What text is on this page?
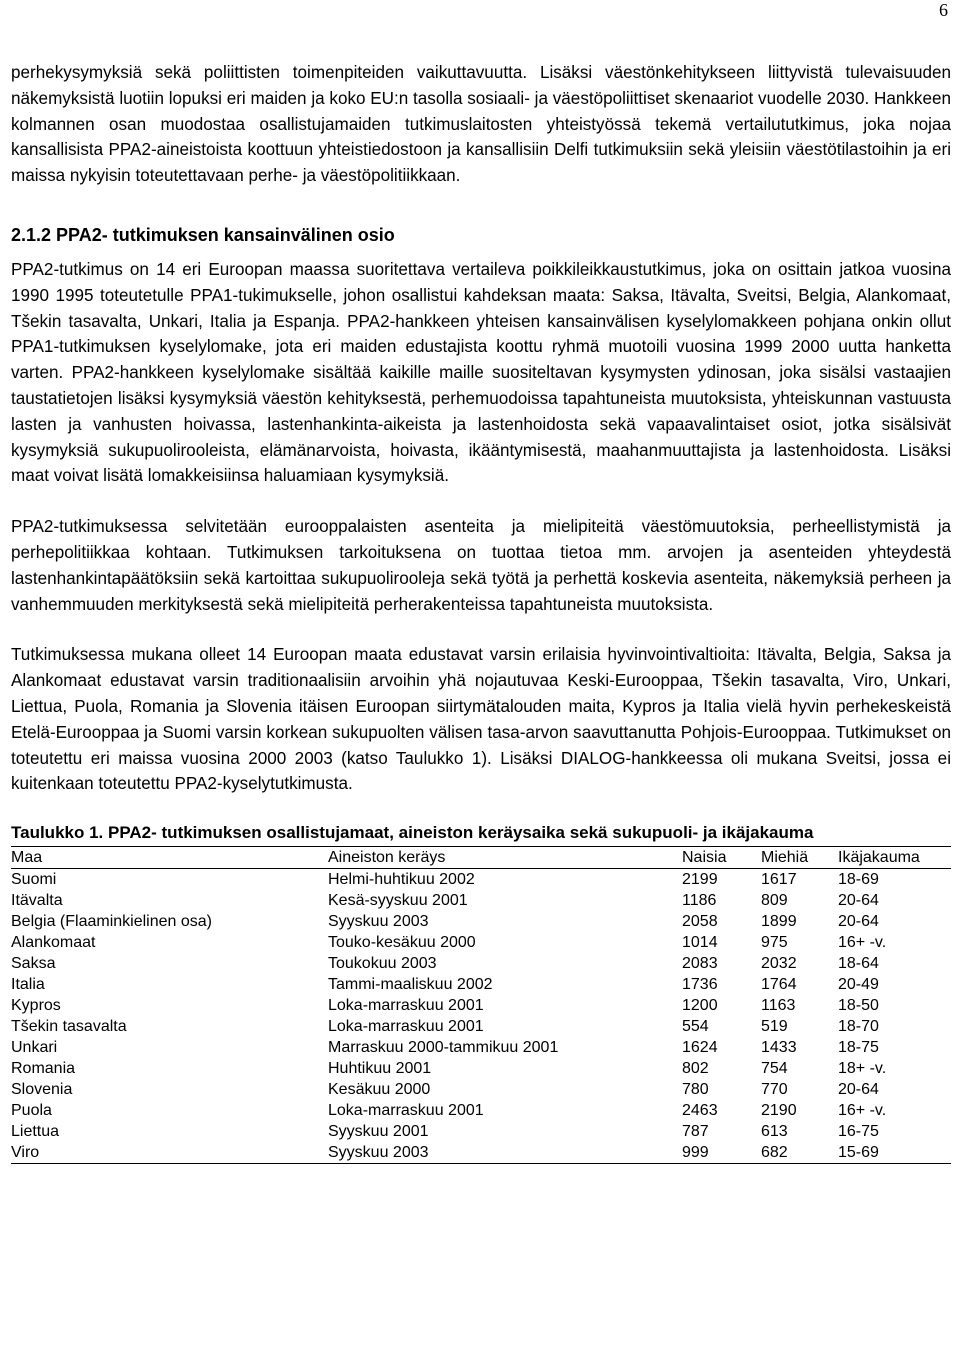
6

perhekysymyksiä sekä poliittisten toimenpiteiden vaikuttavuutta. Lisäksi väestönkehitykseen liittyvistä tulevaisuuden näkemyksistä luotiin lopuksi eri maiden ja koko EU:n tasolla sosiaali- ja väestöpoliittiset skenaariot vuodelle 2030. Hankkeen kolmannen osan muodostaa osallistujamaiden tutkimuslaitosten yhteistyössä tekemä vertailututkimus, joka nojaa kansallisista PPA2-aineistoista koottuun yhteistiedostoon ja kansallisiin Delfi tutkimuksiin sekä yleisiin väestötilastoihin ja eri maissa nykyisin toteutettavaan perhe- ja väestöpolitiikkaan.

2.1.2 PPA2- tutkimuksen kansainvälinen osio

PPA2-tutkimus on 14 eri Euroopan maassa suoritettava vertaileva poikkileikkaustutkimus, joka on osittain jatkoa vuosina 1990 1995 toteutetulle PPA1-tukimukselle, johon osallistui kahdeksan maata: Saksa, Itävalta, Sveitsi, Belgia, Alankomaat, Tšekin tasavalta, Unkari, Italia ja Espanja. PPA2-hankkeen yhteisen kansainvälisen kyselylomakkeen pohjana onkin ollut PPA1-tutkimuksen kyselylomake, jota eri maiden edustajista koottu ryhmä muotoili vuosina 1999 2000 uutta hanketta varten. PPA2-hankkeen kyselylomake sisältää kaikille maille suositeltavan kysymysten ydinosan, joka sisälsi vastaajien taustatietojen lisäksi kysymyksiä väestön kehityksestä, perhemuodoissa tapahtuneista muutoksista, yhteiskunnan vastuusta lasten ja vanhusten hoivassa, lastenhankinta-aikeista ja lastenhoidosta sekä vapaavalintaiset osiot, jotka sisälsivät kysymyksiä sukupuolirooleista, elämänarvoista, hoivasta, ikääntymisestä, maahanmuuttajista ja lastenhoidosta. Lisäksi maat voivat lisätä lomakkeisiinsa haluamiaan kysymyksiä.

PPA2-tutkimuksessa selvitetään eurooppalaisten asenteita ja mielipiteitä väestömuutoksia, perheellistymistä ja perhepolitiikkaa kohtaan. Tutkimuksen tarkoituksena on tuottaa tietoa mm. arvojen ja asenteiden yhteydestä lastenhankintapäätöksiin sekä kartoittaa sukupuolirooleja sekä työtä ja perhettä koskevia asenteita, näkemyksiä perheen ja vanhemmuuden merkityksestä sekä mielipiteitä perherakenteissa tapahtuneista muutoksista.

Tutkimuksessa mukana olleet 14 Euroopan maata edustavat varsin erilaisia hyvinvointivaltioita: Itävalta, Belgia, Saksa ja Alankomaat edustavat varsin traditionaalisiin arvoihin yhä nojautuvaa Keski-Eurooppaa, Tšekin tasavalta, Viro, Unkari, Liettua, Puola, Romania ja Slovenia itäisen Euroopan siirtymätalouden maita, Kypros ja Italia vielä hyvin perhekeskeistä Etelä-Eurooppaa ja Suomi varsin korkean sukupuolten välisen tasa-arvon saavuttanutta Pohjois-Eurooppaa. Tutkimukset on toteutettu eri maissa vuosina 2000 2003 (katso Taulukko 1). Lisäksi DIALOG-hankkeessa oli mukana Sveitsi, jossa ei kuitenkaan toteutettu PPA2-kyselytutkimusta.

Taulukko 1. PPA2- tutkimuksen osallistujamaat, aineiston keräysaika sekä sukupuoli- ja ikäjakauma
Maa	Aineiston keräys	Naisia	Miehiä	Ikäjakauma
Suomi	Helmi-huhtikuu 2002	2199	1617	18-69
Itävalta	Kesä-syyskuu 2001	1186	809	20-64
Belgia (Flaaminkielinen osa)	Syyskuu 2003	2058	1899	20-64
Alankomaat	Touko-kesäkuu 2000	1014	975	16+ -v.
Saksa	Toukokuu 2003	2083	2032	18-64
Italia	Tammi-maaliskuu 2002	1736	1764	20-49
Kypros	Loka-marraskuu 2001	1200	1163	18-50
Tšekin tasavalta	Loka-marraskuu 2001	554	519	18-70
Unkari	Marraskuu 2000-tammikuu 2001	1624	1433	18-75
Romania	Huhtikuu 2001	802	754	18+ -v.
Slovenia	Kesäkuu 2000	780	770	20-64
Puola	Loka-marraskuu 2001	2463	2190	16+ -v.
Liettua	Syyskuu 2001	787	613	16-75
Viro	Syyskuu 2003	999	682	15-69
